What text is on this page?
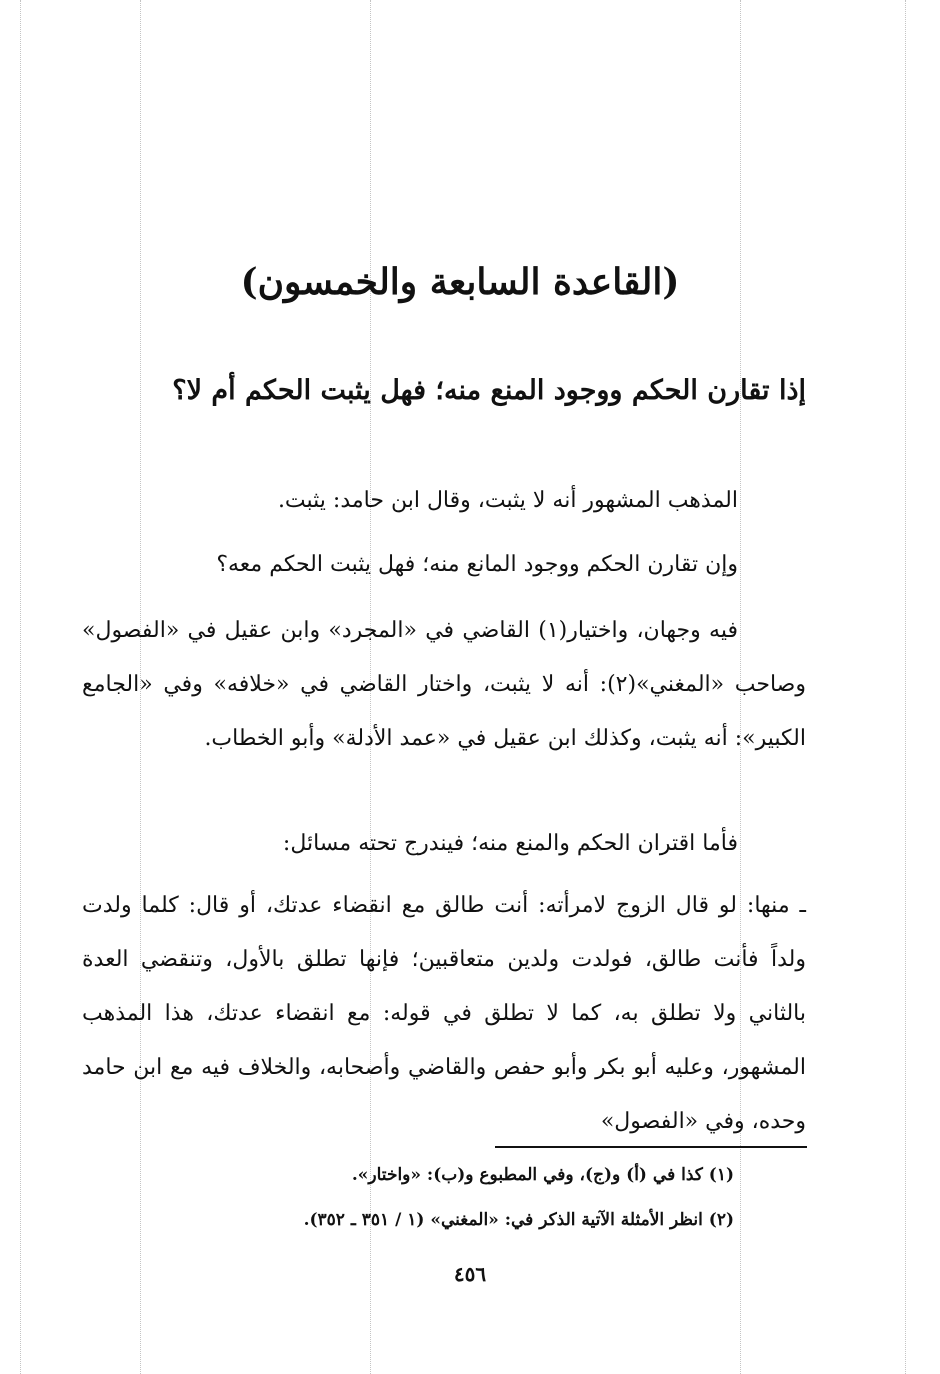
(القاعدة السابعة والخمسون)
إذا تقارن الحكم ووجود المنع منه؛ فهل يثبت الحكم أم لا؟
المذهب المشهور أنه لا يثبت، وقال ابن حامد: يثبت.
وإن تقارن الحكم ووجود المانع منه؛ فهل يثبت الحكم معه؟
فيه وجهان، واختيار(١) القاضي في «المجرد» وابن عقيل في «الفصول» وصاحب «المغني»(٢): أنه لا يثبت، واختار القاضي في «خلافه» وفي «الجامع الكبير»: أنه يثبت، وكذلك ابن عقيل في «عمد الأدلة» وأبو الخطاب.
فأما اقتران الحكم والمنع منه؛ فيندرج تحته مسائل:
ـ منها: لو قال الزوج لامرأته: أنت طالق مع انقضاء عدتك، أو قال: كلما ولدت ولداً فأنت طالق، فولدت ولدين متعاقبين؛ فإنها تطلق بالأول، وتنقضي العدة بالثاني ولا تطلق به، كما لا تطلق في قوله: مع انقضاء عدتك، هذا المذهب المشهور، وعليه أبو بكر وأبو حفص والقاضي وأصحابه، والخلاف فيه مع ابن حامد وحده، وفي «الفصول»
(١) كذا في (أ) و(ج)، وفي المطبوع و(ب): «واختار».
(٢) انظر الأمثلة الآتية الذكر في: «المغني» (١ / ٣٥١ ـ ٣٥٢).
٤٥٦
